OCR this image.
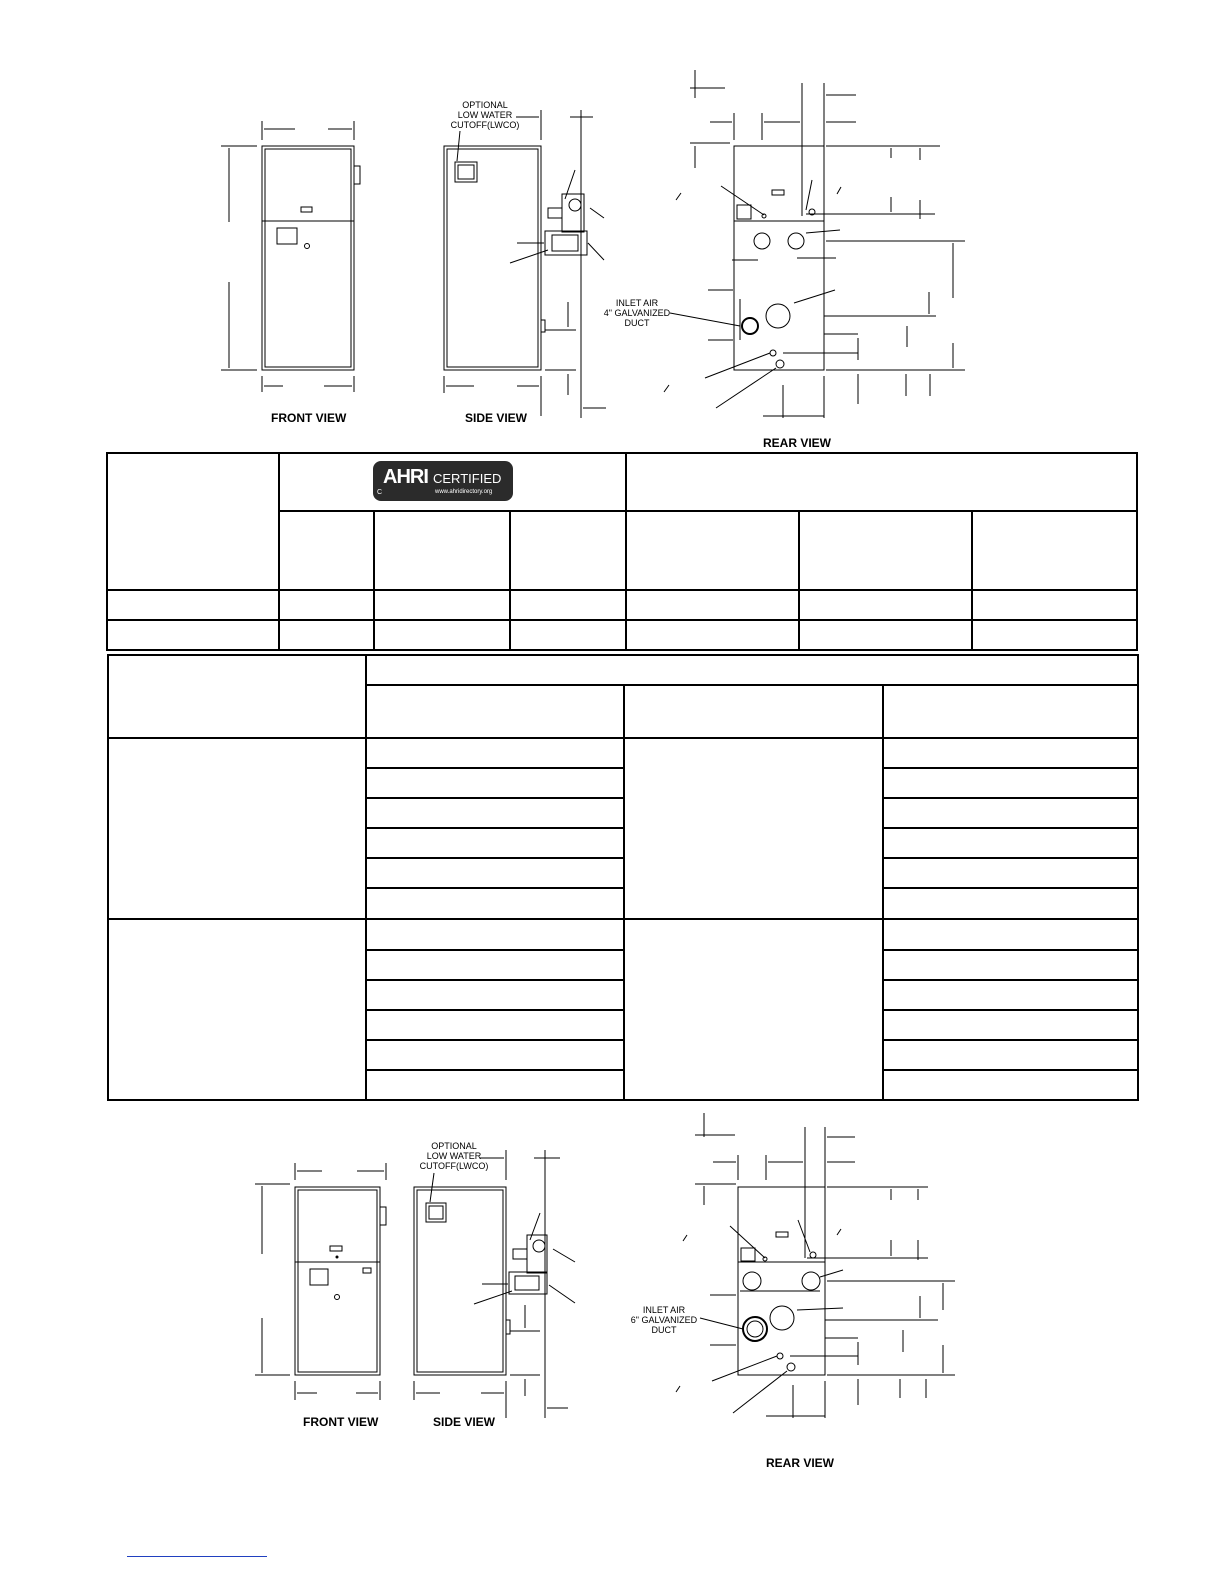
FRONT VIEW	SIDE VIEW
REAR VIEW
OPTIONAL
LOW WATER
CUTOFF(LWCO)
INLET AIR
4" GALVANIZED
DUCT

AHRI CERTIFIED
www.ahridirectory.org
C

FRONT VIEW	SIDE VIEW
REAR VIEW
OPTIONAL
LOW WATER
CUTOFF(LWCO)
INLET AIR
6" GALVANIZED
DUCT
